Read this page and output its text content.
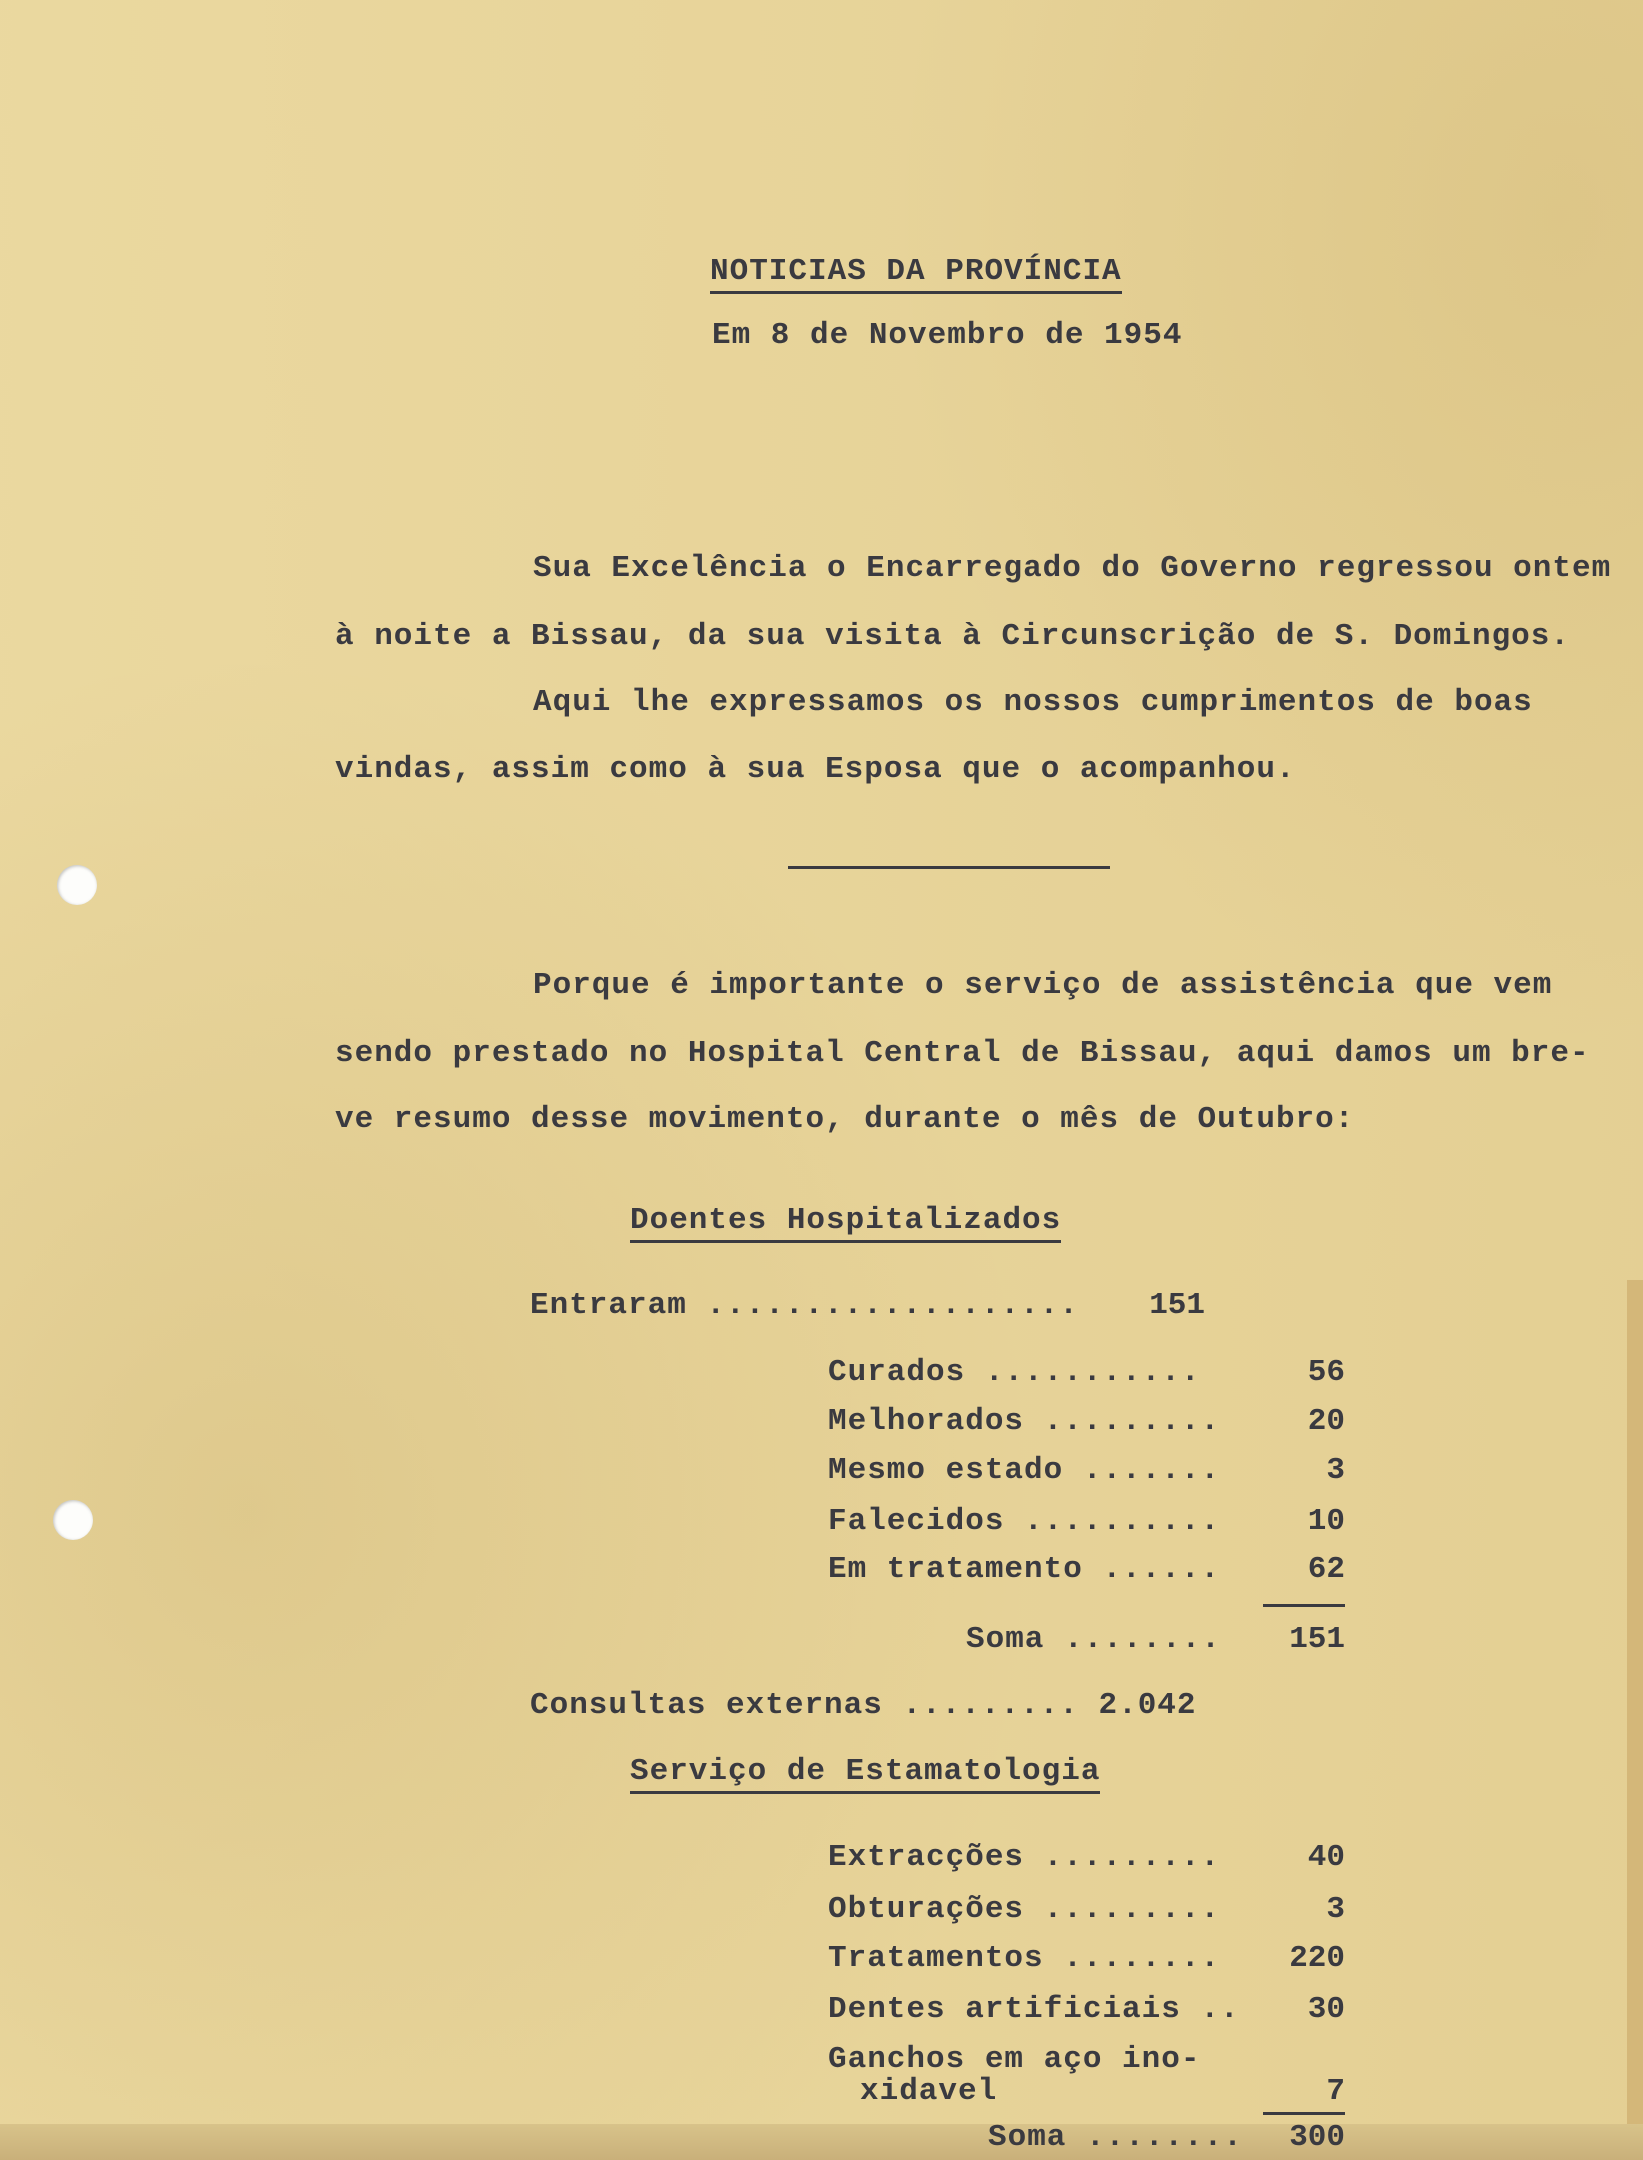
NOTICIAS DA PROVÍNCIA
Em 8 de Novembro de 1954
Sua Excelência o Encarregado do Governo regressou ontem
à noite a Bissau, da sua visita à Circunscrição de S. Domingos.
Aqui lhe expressamos os nossos cumprimentos de boas
vindas, assim como à sua Esposa que o acompanhou.
Porque é importante o serviço de assistência que vem
sendo prestado no Hospital Central de Bissau, aqui damos um bre-
ve resumo desse movimento, durante o mês de Outubro:
Doentes Hospitalizados
Entraram ...................	151
Curados ...........	56
Melhorados .........	20
Mesmo estado .......	3
Falecidos ..........	10
Em tratamento ......	62
Soma ........	151
Consultas externas ......... 2.042
Serviço de Estamatologia
Extracções .........	40
Obturações .........	3
Tratamentos ........	220
Dentes artificiais ..	30
Ganchos em aço ino-
xidavel	7
Soma ........	300
